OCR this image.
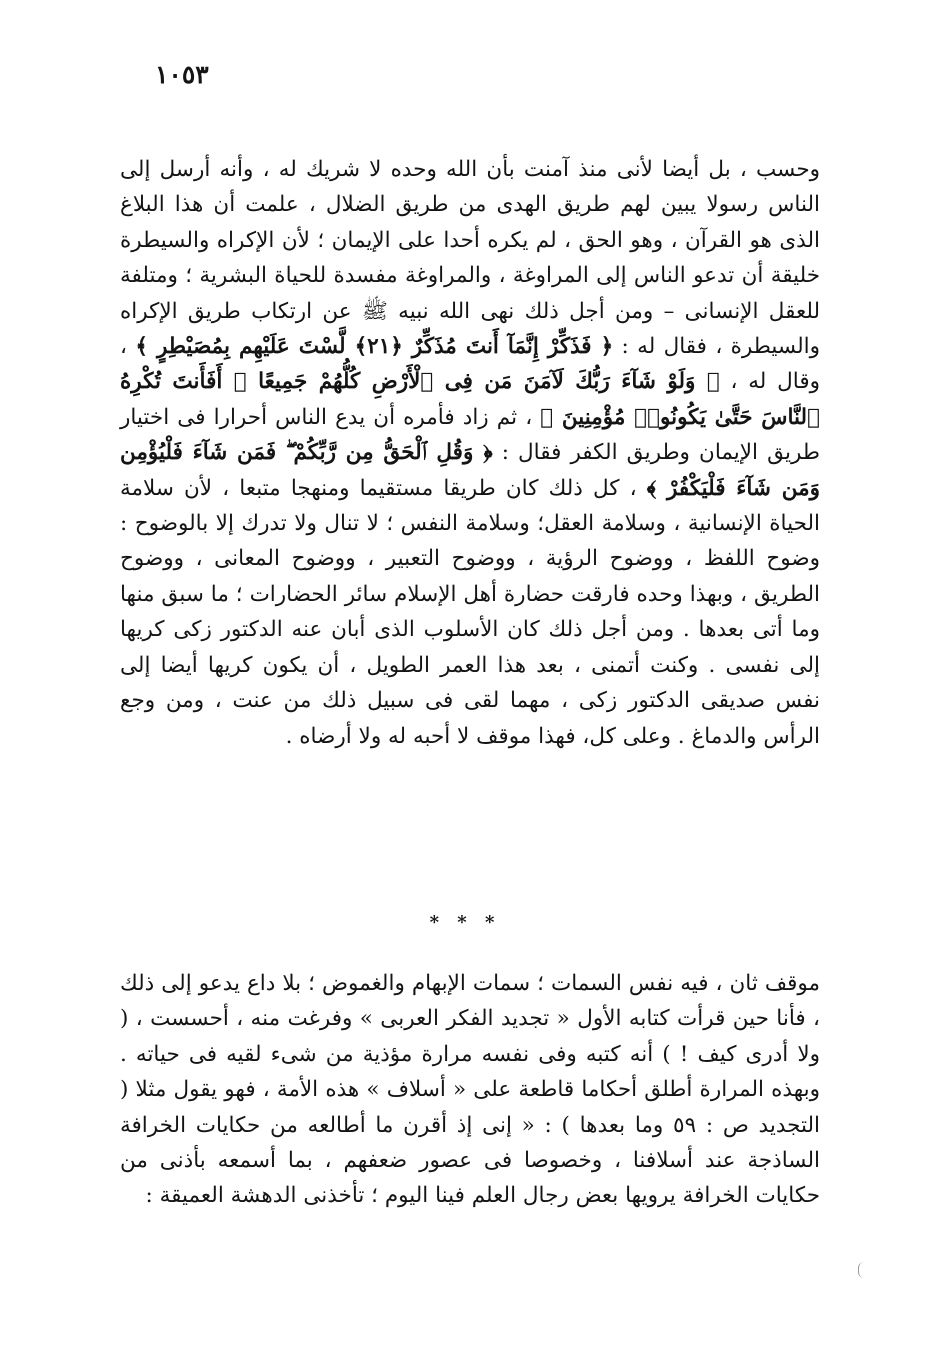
١٠٥٣

وحسب ، بل أيضا لأنى منذ آمنت بأن الله وحده لا شريك له ، وأنه أرسل إلى الناس رسولا يبين لهم طريق الهدى من طريق الضلال ، علمت أن هذا البلاغ الذى هو القرآن ، وهو الحق ، لم يكره أحدا على الإيمان ؛ لأن الإكراه والسيطرة خليقة أن تدعو الناس إلى المراوغة ، والمراوغة مفسدة للحياة البشرية ؛ ومتلفة للعقل الإنسانى – ومن أجل ذلك نهى الله نبيه ﷺ عن ارتكاب طريق الإكراه والسيطرة ، فقال له : ﴿ فَذَكِّرْ إِنَّمَآ أَنتَ مُذَكِّرٌ ﴿٢١﴾ لَّسْتَ عَلَيْهِم بِمُصَيْطِرٍ ﴾ ، وقال له ، ﴿ وَلَوْ شَآءَ رَبُّكَ لَآمَنَ مَن فِى ٱلْأَرْضِ كُلُّهُمْ جَمِيعًا ۚ أَفَأَنتَ تُكْرِهُ ٱلنَّاسَ حَتَّىٰ يَكُونُوا۟ مُؤْمِنِينَ ﴾ ، ثم زاد فأمره أن يدع الناس أحرارا فى اختيار طريق الإيمان وطريق الكفر فقال : ﴿ وَقُلِ ٱلْحَقُّ مِن رَّبِّكُمْ ۖ فَمَن شَآءَ فَلْيُؤْمِن وَمَن شَآءَ فَلْيَكْفُرْ ﴾ ، كل ذلك كان طريقا مستقيما ومنهجا متبعا ، لأن سلامة الحياة الإنسانية ، وسلامة العقل؛ وسلامة النفس ؛ لا تنال ولا تدرك إلا بالوضوح : وضوح اللفظ ، ووضوح الرؤية ، ووضوح التعبير ، ووضوح المعانى ، ووضوح الطريق ، وبهذا وحده فارقت حضارة أهل الإسلام سائر الحضارات ؛ ما سبق منها وما أتى بعدها . ومن أجل ذلك كان الأسلوب الذى أبان عنه الدكتور زكى كريها إلى نفسى . وكنت أتمنى ، بعد هذا العمر الطويل ، أن يكون كريها أيضا إلى نفس صديقى الدكتور زكى ، مهما لقى فى سبيل ذلك من عنت ، ومن وجع الرأس والدماغ . وعلى كل، فهذا موقف لا أحبه له ولا أرضاه .

* * *

موقف ثان ، فيه نفس السمات ؛ سمات الإبهام والغموض ؛ بلا داع يدعو إلى ذلك ، فأنا حين قرأت كتابه الأول « تجديد الفكر العربى » وفرغت منه ، أحسست ، ( ولا أدرى كيف ! ) أنه كتبه وفى نفسه مرارة مؤذية من شىء لقيه فى حياته . وبهذه المرارة أطلق أحكاما قاطعة على « أسلاف » هذه الأمة ، فهو يقول مثلا ( التجديد ص : ٥٩ وما بعدها ) : « إنى إذ أقرن ما أطالعه من حكايات الخرافة الساذجة عند أسلافنا ، وخصوصا فى عصور ضعفهم ، بما أسمعه بأذنى من حكايات الخرافة يرويها بعض رجال العلم فينا اليوم ؛ تأخذنى الدهشة العميقة :
